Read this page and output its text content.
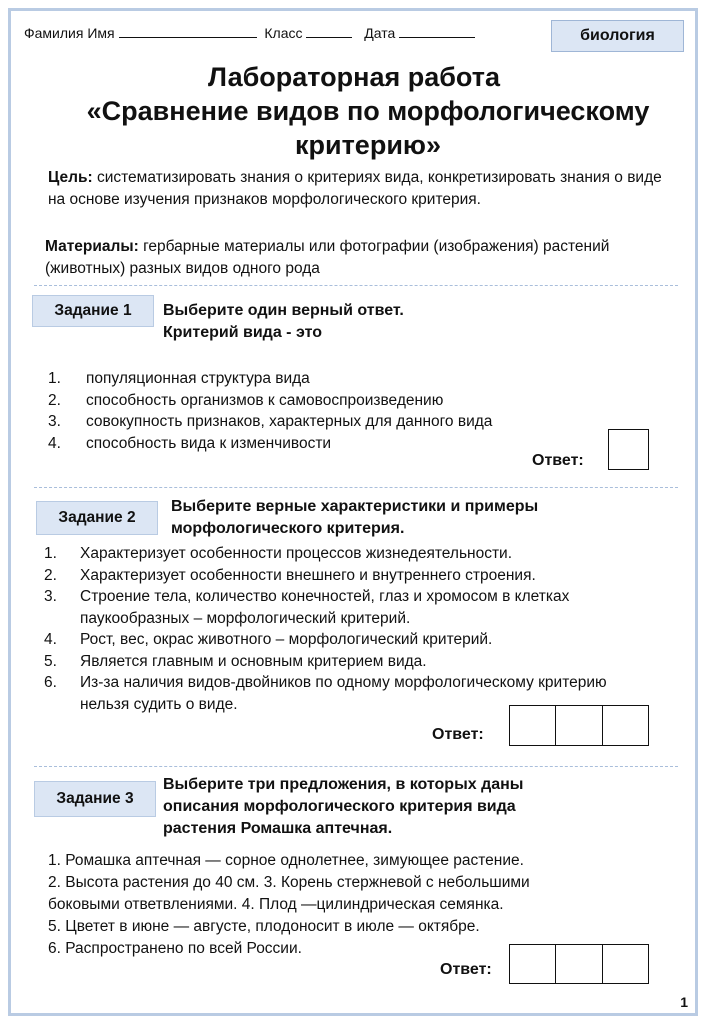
Фамилия Имя	Класс	Дата	биология
Лабораторная работа
«Сравнение видов по морфологическому
критерию»
Цель: систематизировать знания о критериях вида, конкретизировать знания о виде на основе изучения признаков морфологического критерия.
Материалы: гербарные материалы или фотографии (изображения) растений (животных) разных видов одного рода
Задание 1	Выберите один верный ответ.
Критерий вида - это
1. популяционная структура вида
2. способность организмов к самовоспроизведению
3. совокупность признаков, характерных для данного вида
4. способность вида к изменчивости
Ответ:
Задание 2
Выберите верные характеристики и примеры
морфологического критерия.
1. Характеризует особенности процессов жизнедеятельности.
2. Характеризует особенности внешнего и внутреннего строения.
3. Строение тела, количество конечностей, глаз и хромосом в клетках паукообразных – морфологический критерий.
4. Рост, вес, окрас животного – морфологический критерий.
5. Является главным и основным критерием вида.
6. Из-за наличия видов-двойников по одному морфологическому критерию нельзя судить о виде.
Ответ:
Задание 3
Выберите три предложения, в которых даны
описания морфологического критерия вида
растения Ромашка аптечная.
1. Ромашка аптечная — сорное однолетнее, зимующее растение.
2. Высота растения до 40 см. 3. Корень стержневой с небольшими
боковыми ответвлениями. 4. Плод —цилиндрическая семянка.
5. Цветет в июне — августе, плодоносит в июле — октябре.
6. Распространено по всей России.
Ответ:
1
